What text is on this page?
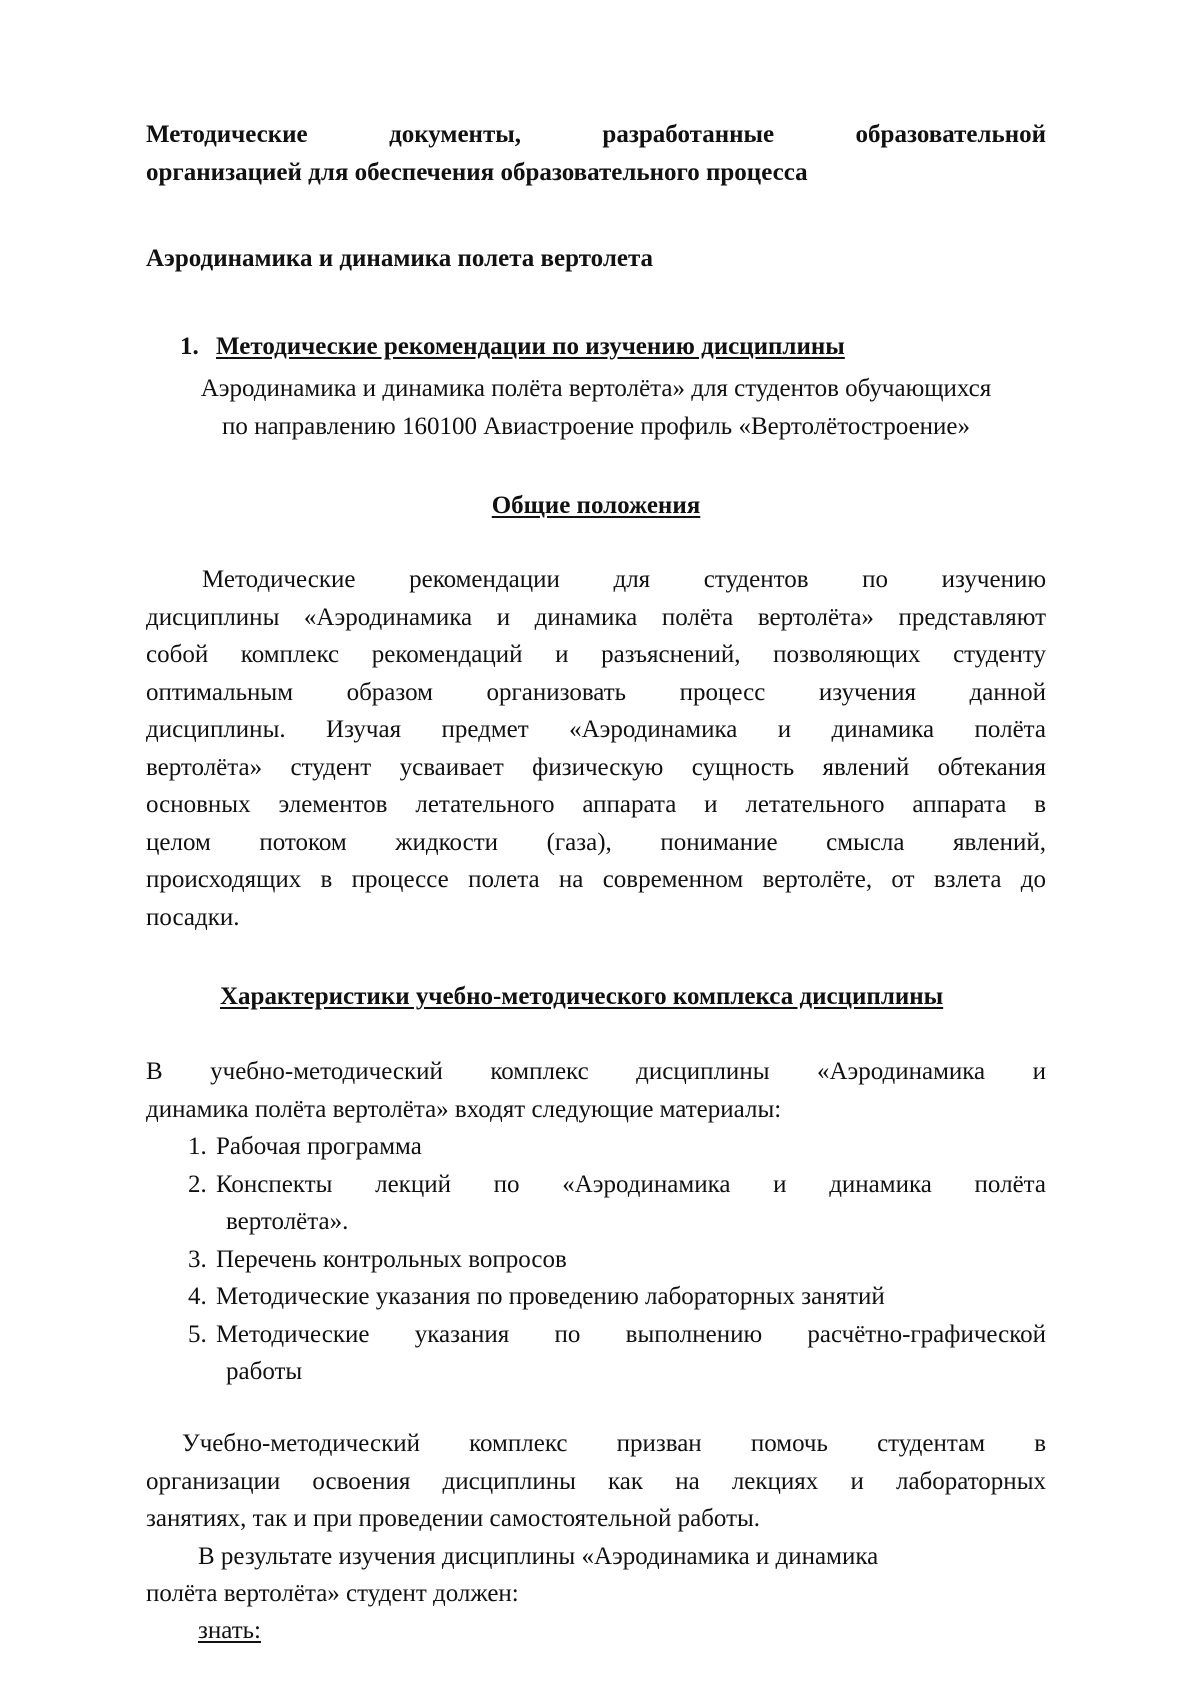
Методические	документы,	разработанные	образовательной
организацией для обеспечения образовательного процесса
Аэродинамика и динамика полета вертолета
1. Методические рекомендации по изучению дисциплины
Аэродинамика и динамика полёта вертолёта» для студентов обучающихся
по направлению 160100 Авиастроение профиль «Вертолётостроение»
Общие положения
Методические рекомендации для студентов по изучению
дисциплины «Аэродинамика и динамика полёта вертолёта» представляют
собой комплекс рекомендаций и разъяснений, позволяющих студенту
оптимальным образом организовать процесс изучения данной
дисциплины. Изучая предмет «Аэродинамика и динамика полёта
вертолёта» студент усваивает физическую сущность явлений обтекания
основных элементов летательного аппарата и летательного аппарата в
целом потоком жидкости (газа), понимание смысла явлений,
происходящих в процессе полета на современном вертолёте, от взлета до
посадки.
Характеристики учебно-методического комплекса дисциплины
В учебно-методический комплекс дисциплины «Аэродинамика и
динамика полёта вертолёта» входят следующие материалы:
1. Рабочая программа
2. Конспекты лекций по «Аэродинамика и динамика полёта
вертолёта».
3. Перечень контрольных вопросов
4. Методические указания по проведению лабораторных занятий
5. Методические указания по выполнению расчётно-графической
работы
Учебно-методический комплекс призван помочь студентам в
организации освоения дисциплины как на лекциях и лабораторных
занятиях, так и при проведении самостоятельной работы.
В результате изучения дисциплины «Аэродинамика и динамика
полёта вертолёта» студент должен:
знать:
